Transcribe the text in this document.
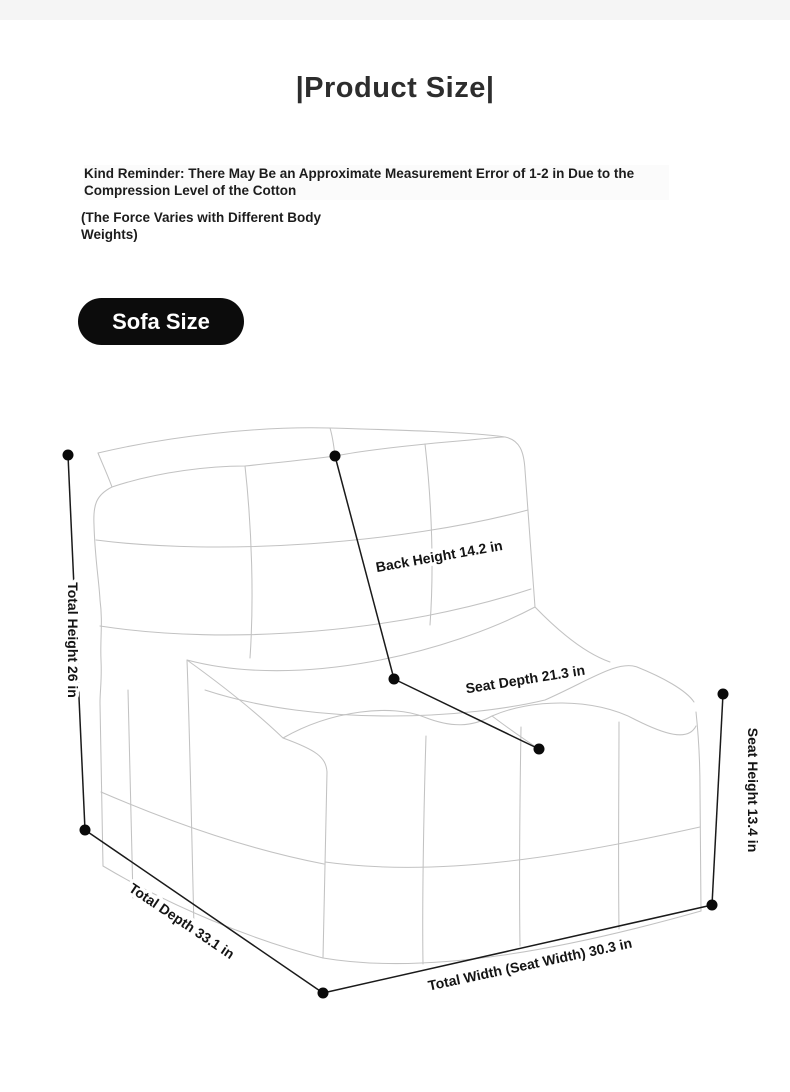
|Product Size|

Kind Reminder: There May Be an Approximate Measurement Error of 1-2 in Due to the Compression Level of the Cotton

(The Force Varies with Different Body Weights)

Sofa Size
Total Height 26 in
Back Height 14.2 in
Seat Depth 21.3 in
Seat Height 13.4 in
Total Depth 33.1 in
Total Width (Seat Width) 30.3 in
